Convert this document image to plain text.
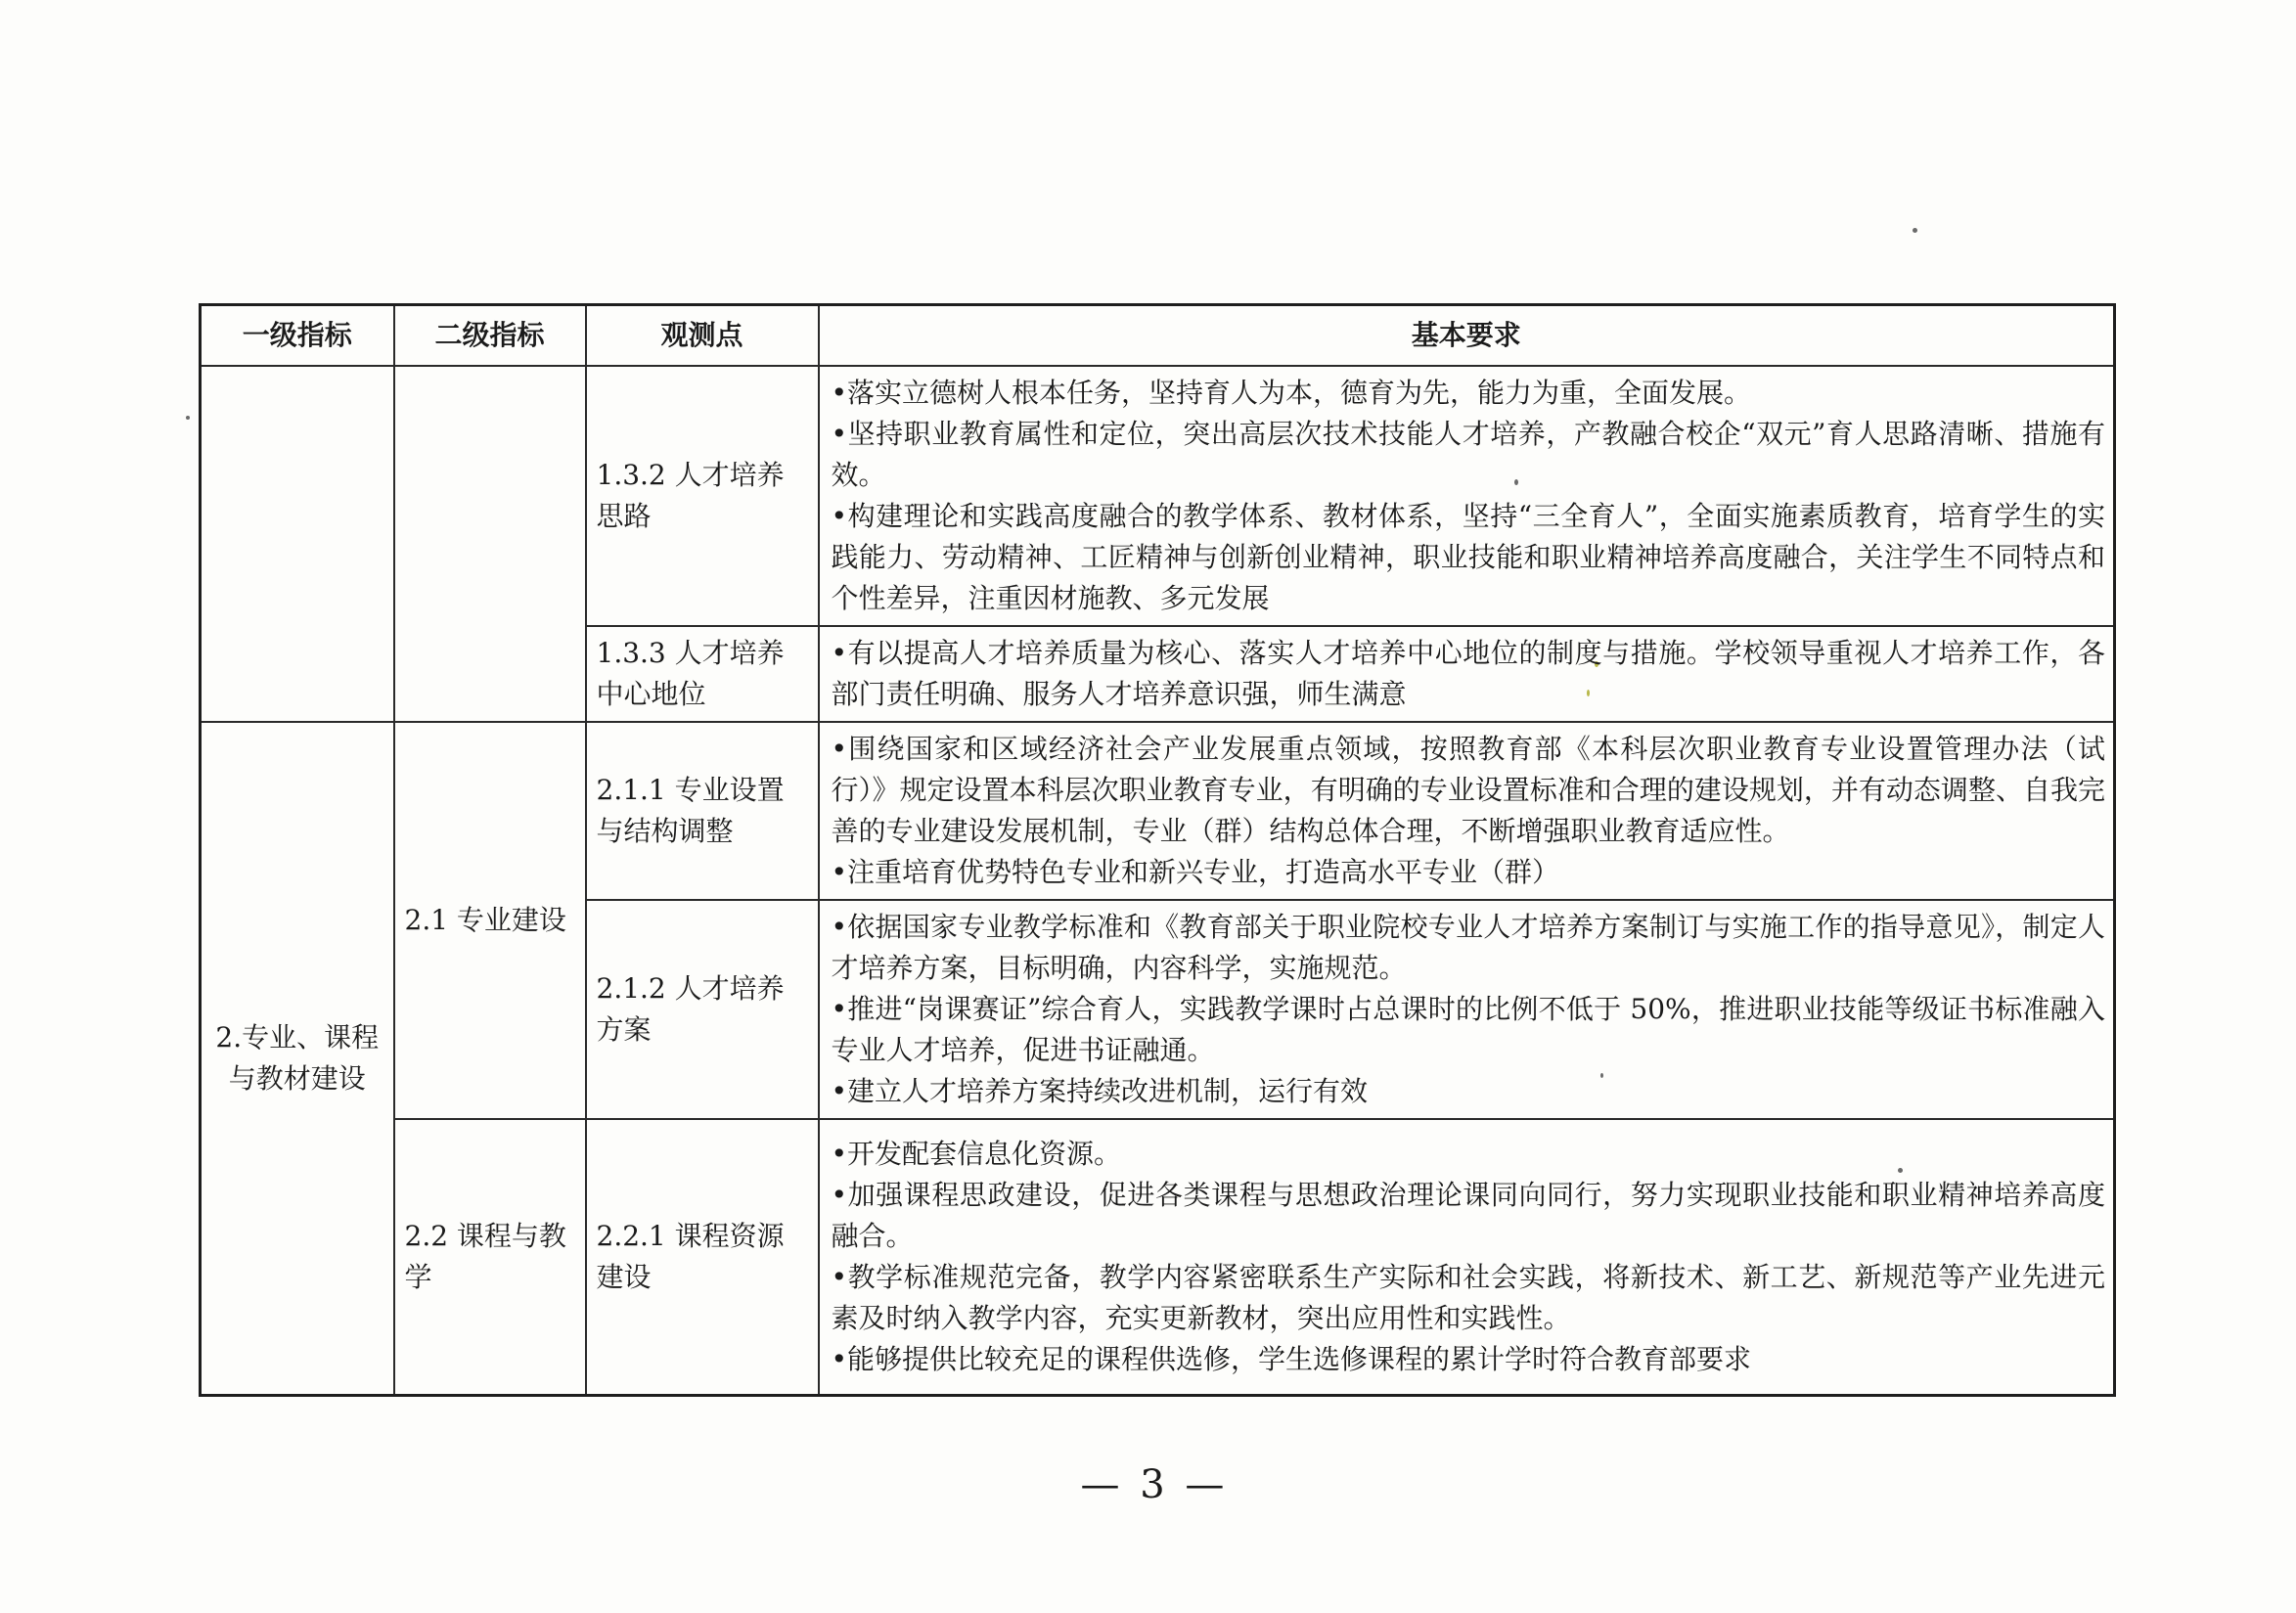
一级指标	二级指标	观测点	基本要求
		1.3.2 人才培养思路	•落实立德树人根本任务，坚持育人为本，德育为先，能力为重，全面发展。
•坚持职业教育属性和定位，突出高层次技术技能人才培养，产教融合校企“双元”育人思路清晰、措施有效。
•构建理论和实践高度融合的教学体系、教材体系，坚持“三全育人”，全面实施素质教育，培育学生的实践能力、劳动精神、工匠精神与创新创业精神，职业技能和职业精神培养高度融合，关注学生不同特点和个性差异，注重因材施教、多元发展

		1.3.3 人才培养中心地位	•有以提高人才培养质量为核心、落实人才培养中心地位的制度与措施。学校领导重视人才培养工作，各部门责任明确、服务人才培养意识强，师生满意

2.专业、课程与教材建设	2.1 专业建设	2.1.1 专业设置与结构调整	•围绕国家和区域经济社会产业发展重点领域，按照教育部《本科层次职业教育专业设置管理办法（试行）》规定设置本科层次职业教育专业，有明确的专业设置标准和合理的建设规划，并有动态调整、自我完善的专业建设发展机制，专业（群）结构总体合理，不断增强职业教育适应性。
•注重培育优势特色专业和新兴专业，打造高水平专业（群）

		2.1.2 人才培养方案	•依据国家专业教学标准和《教育部关于职业院校专业人才培养方案制订与实施工作的指导意见》，制定人才培养方案，目标明确，内容科学，实施规范。
•推进“岗课赛证”综合育人，实践教学课时占总课时的比例不低于 50%，推进职业技能等级证书标准融入专业人才培养，促进书证融通。
•建立人才培养方案持续改进机制，运行有效

	2.2 课程与教学	2.2.1 课程资源建设	•开发配套信息化资源。
•加强课程思政建设，促进各类课程与思想政治理论课同向同行，努力实现职业技能和职业精神培养高度融合。
•教学标准规范完备，教学内容紧密联系生产实际和社会实践，将新技术、新工艺、新规范等产业先进元素及时纳入教学内容，充实更新教材，突出应用性和实践性。
•能够提供比较充足的课程供选修，学生选修课程的累计学时符合教育部要求
— 3 —
